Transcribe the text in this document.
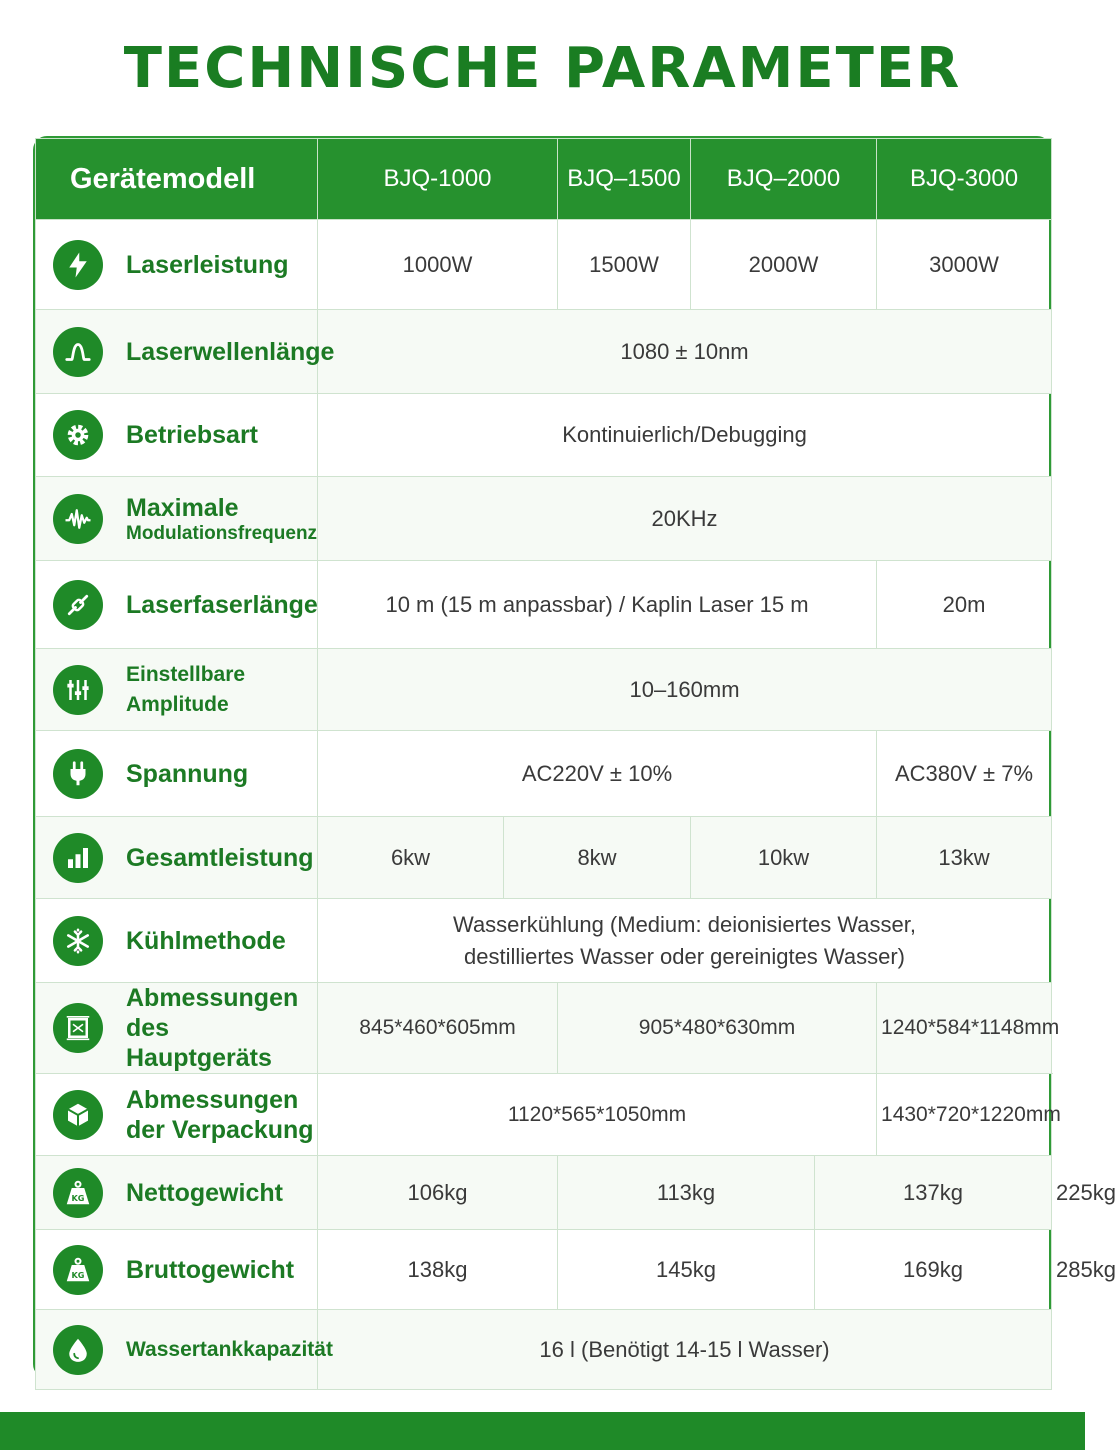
TECHNISCHE PARAMETER
Gerätemodell	BJQ-1000		BJQ–1500	BJQ–2000		BJQ-3000	

Laserleistung	1000W		1500W	2000W		3000W	

Laserwellenlänge	1080 ± 10nm						

Betriebsart	Kontinuierlich/Debugging						

Maximale
Modulationsfrequenz	20KHz						

Laserfaserlänge	10 m (15 m anpassbar) / Kaplin Laser 15 m					20m	

Einstellbare Amplitude	10–160mm						

Spannung	AC220V ± 10%					AC380V ± 7%	

Gesamtleistung	6kw	8kw		10kw		13kw	

Kühlmethode	Wasserkühlung (Medium: deionisiertes Wasser,
destilliertes Wasser oder gereinigtes Wasser)						

Abmessungen
des Hauptgeräts	845*460*605mm		905*480*630mm			1240*584*1148mm	

Abmessungen
der Verpackung	1120*565*1050mm					1430*720*1220mm	

KG Nettogewicht	106kg		113kg		137kg		225kg

KG Bruttogewicht	138kg		145kg		169kg		285kg

Wassertankkapazität	16 l (Benötigt 14-15 l Wasser)						
